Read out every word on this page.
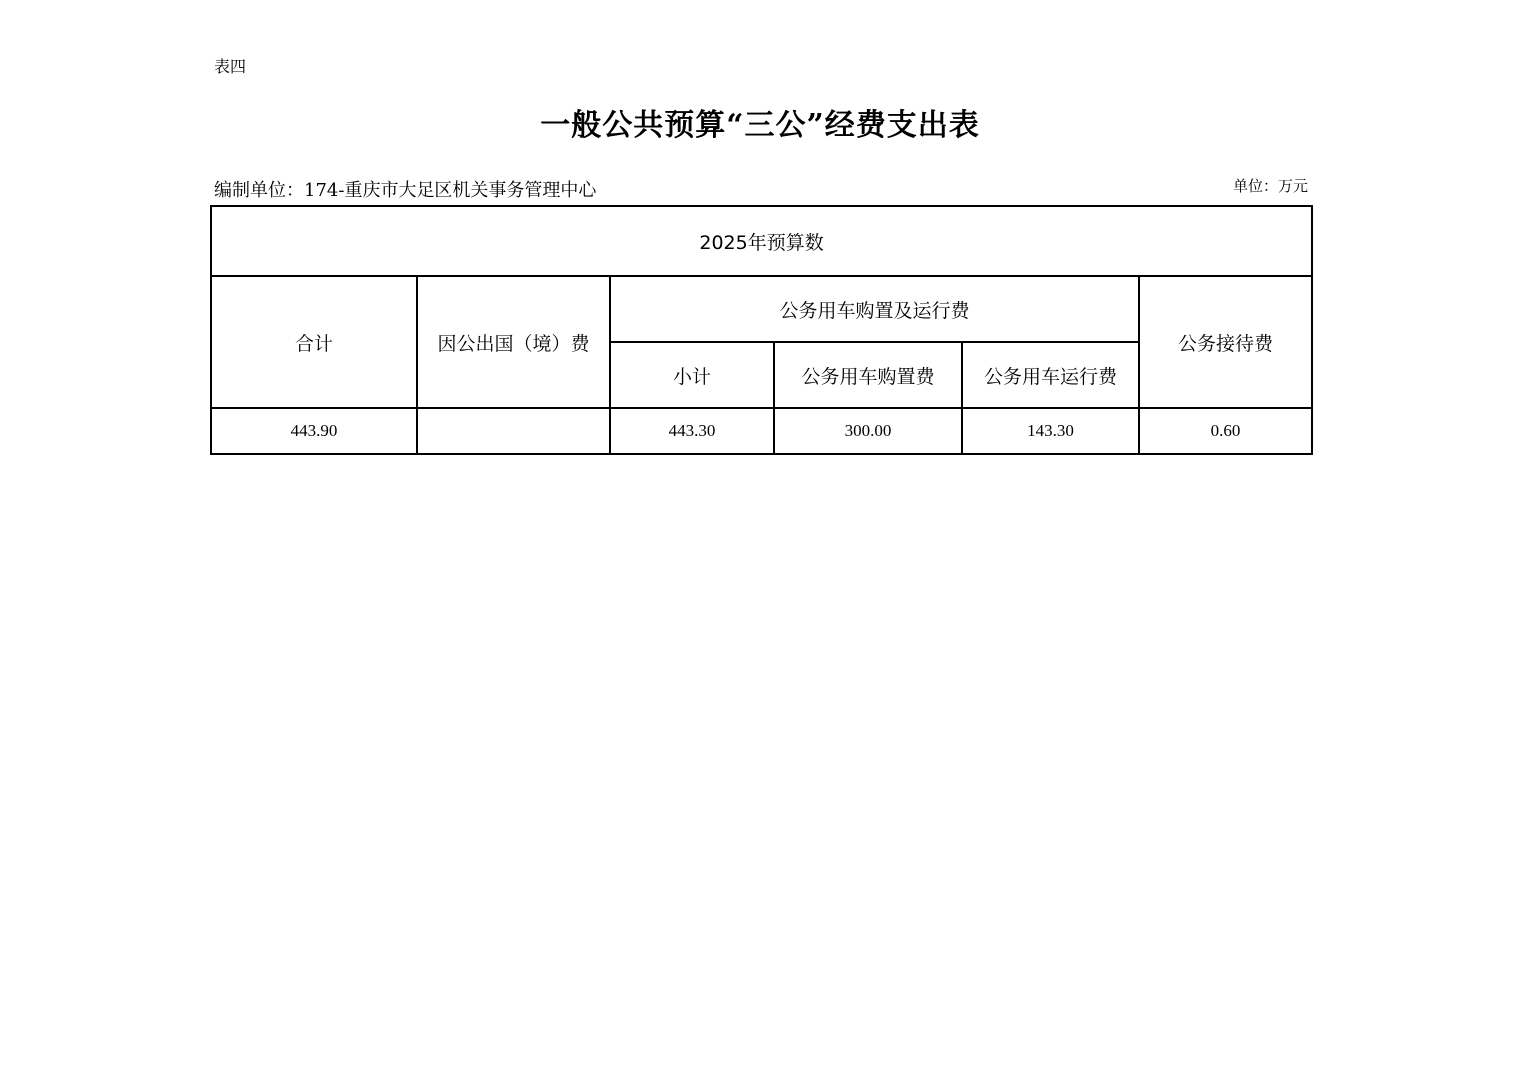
表四
一般公共预算“三公”经费支出表
编制单位：174-重庆市大足区机关事务管理中心	单位：万元
2025年预算数					
合计	因公出国（境）费	公务用车购置及运行费			公务接待费
		小计	公务用车购置费	公务用车运行费	
443.90		443.30	300.00	143.30	0.60
